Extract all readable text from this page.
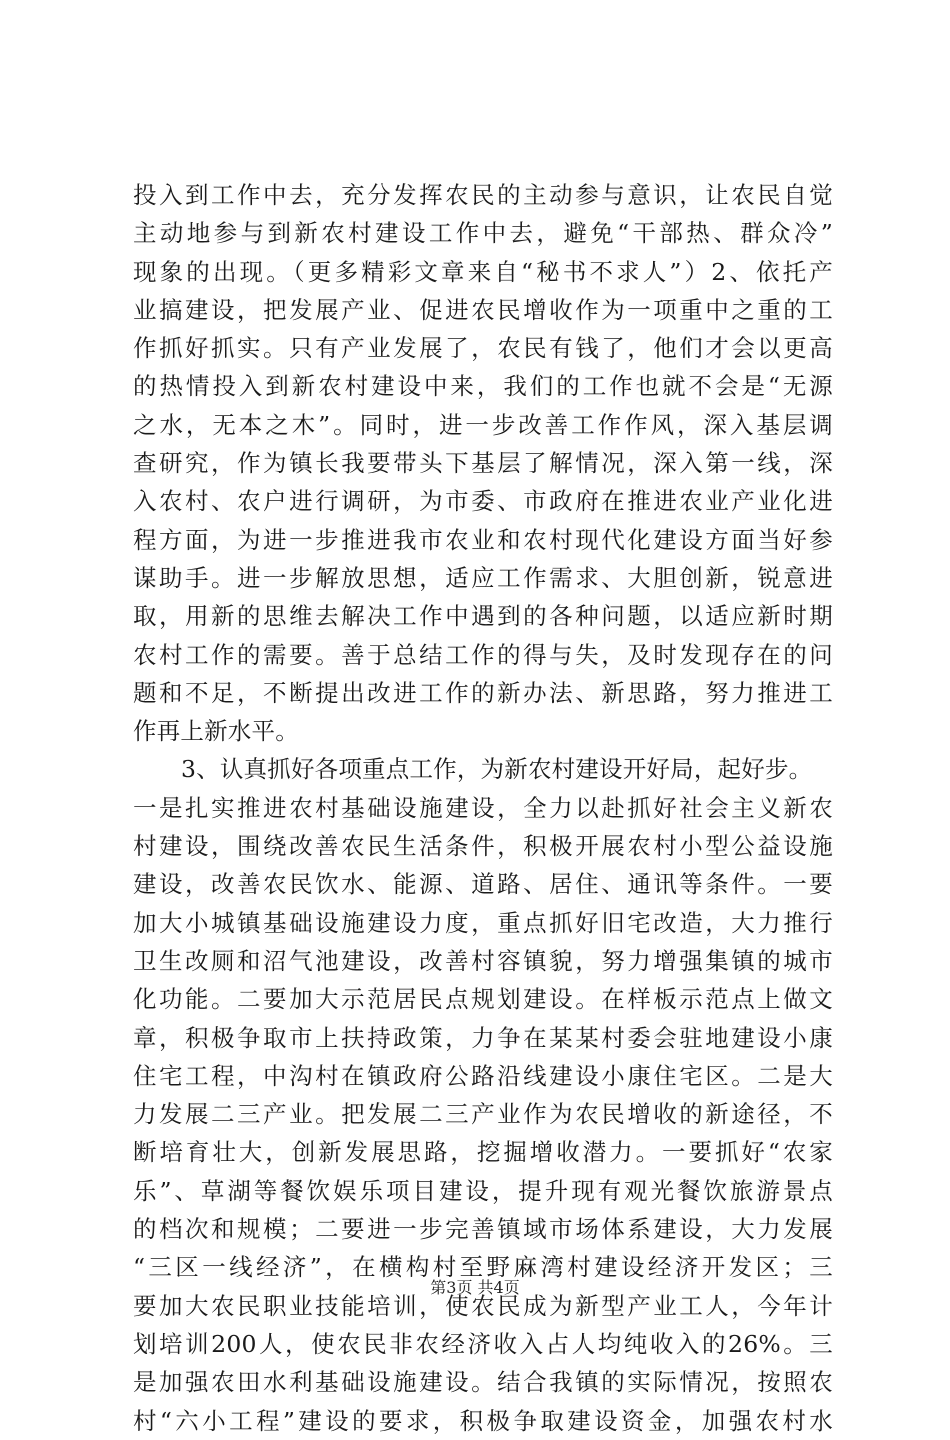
投入到工作中去，充分发挥农民的主动参与意识，让农民自觉
主动地参与到新农村建设工作中去，避免“干部热、群众冷”
现象的出现。（更多精彩文章来自“秘书不求人”）2、依托产
业搞建设，把发展产业、促进农民增收作为一项重中之重的工
作抓好抓实。只有产业发展了，农民有钱了，他们才会以更高
的热情投入到新农村建设中来，我们的工作也就不会是“无源
之水，无本之木”。同时，进一步改善工作作风，深入基层调
查研究，作为镇长我要带头下基层了解情况，深入第一线，深
入农村、农户进行调研，为市委、市政府在推进农业产业化进
程方面，为进一步推进我市农业和农村现代化建设方面当好参
谋助手。进一步解放思想，适应工作需求、大胆创新，锐意进
取，用新的思维去解决工作中遇到的各种问题，以适应新时期
农村工作的需要。善于总结工作的得与失，及时发现存在的问
题和不足，不断提出改进工作的新办法、新思路，努力推进工
作再上新水平。
3、认真抓好各项重点工作，为新农村建设开好局，起好步。
一是扎实推进农村基础设施建设，全力以赴抓好社会主义新农
村建设，围绕改善农民生活条件，积极开展农村小型公益设施
建设，改善农民饮水、能源、道路、居住、通讯等条件。一要
加大小城镇基础设施建设力度，重点抓好旧宅改造，大力推行
卫生改厕和沼气池建设，改善村容镇貌，努力增强集镇的城市
化功能。二要加大示范居民点规划建设。在样板示范点上做文
章，积极争取市上扶持政策，力争在某某村委会驻地建设小康
住宅工程，中沟村在镇政府公路沿线建设小康住宅区。二是大
力发展二三产业。把发展二三产业作为农民增收的新途径，不
断培育壮大，创新发展思路，挖掘增收潜力。一要抓好“农家
乐”、草湖等餐饮娱乐项目建设，提升现有观光餐饮旅游景点
的档次和规模；二要进一步完善镇域市场体系建设，大力发展
“三区一线经济”，在横构村至野麻湾村建设经济开发区；三
要加大农民职业技能培训，使农民成为新型产业工人，今年计
划培训200人，使农民非农经济收入占人均纯收入的26%。三
是加强农田水利基础设施建设。结合我镇的实际情况，按照农
村“六小工程”建设的要求，积极争取建设资金，加强农村水
第3页 共4页
